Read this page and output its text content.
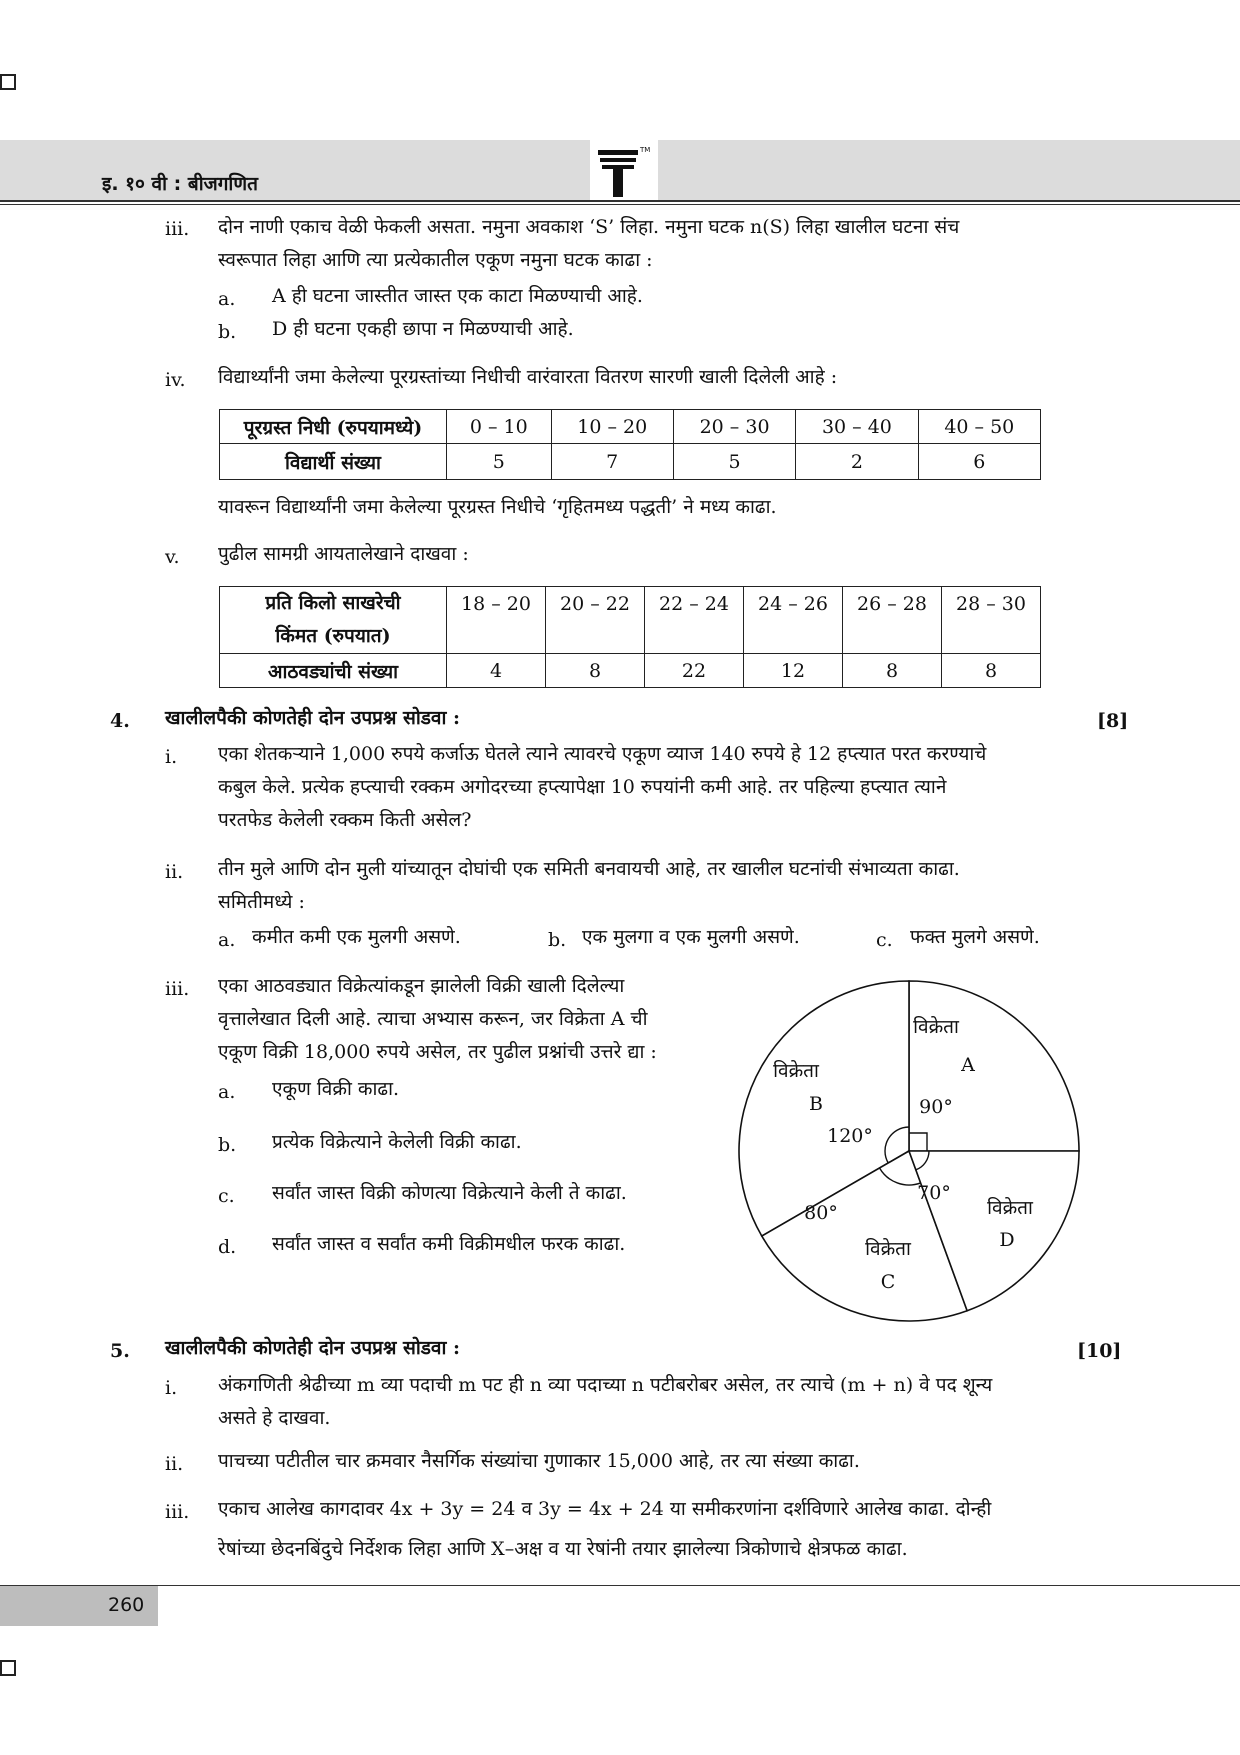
इ. १० वी : बीजगणित
TM
iii. दोन नाणी एकाच वेळी फेकली असता. नमुना अवकाश ‘S’ लिहा. नमुना घटक n(S) लिहा खालील घटना संच
स्वरूपात लिहा आणि त्या प्रत्येकातील एकूण नमुना घटक काढा :
a. A ही घटना जास्तीत जास्त एक काटा मिळण्याची आहे.
b. D ही घटना एकही छापा न मिळण्याची आहे.
iv. विद्यार्थ्यांनी जमा केलेल्या पूरग्रस्तांच्या निधीची वारंवारता वितरण सारणी खाली दिलेली आहे :
पूरग्रस्त निधी (रुपयामध्ये)	0 – 10	10 – 20	20 – 30	30 – 40	40 – 50
विद्यार्थी संख्या	5	7	5	2	6
यावरून विद्यार्थ्यांनी जमा केलेल्या पूरग्रस्त निधीचे ‘गृहितमध्य पद्धती’ ने मध्य काढा.
v. पुढील सामग्री आयतालेखाने दाखवा :
प्रति किलो साखरेची
किंमत (रुपयात)	18 – 20	20 – 22	22 – 24	24 – 26	26 – 28	28 – 30
आठवड्यांची संख्या	4	8	22	12	8	8
4. खालीलपैकी कोणतेही दोन उपप्रश्न सोडवा :	[8]
i. एका शेतकऱ्याने 1,000 रुपये कर्जाऊ घेतले त्याने त्यावरचे एकूण व्याज 140 रुपये हे 12 हप्त्यात परत करण्याचे
कबुल केले. प्रत्येक हप्त्याची रक्कम अगोदरच्या हप्त्यापेक्षा 10 रुपयांनी कमी आहे. तर पहिल्या हप्त्यात त्याने
परतफेड केलेली रक्कम किती असेल?
ii. तीन मुले आणि दोन मुली यांच्यातून दोघांची एक समिती बनवायची आहे, तर खालील घटनांची संभाव्यता काढा.
समितीमध्ये :
a. कमीत कमी एक मुलगी असणे.	b. एक मुलगा व एक मुलगी असणे.	c. फक्त मुलगे असणे.
iii. एका आठवड्यात विक्रेत्यांकडून झालेली विक्री खाली दिलेल्या
वृत्तालेखात दिली आहे. त्याचा अभ्यास करून, जर विक्रेता A ची
एकूण विक्री 18,000 रुपये असेल, तर पुढील प्रश्नांची उत्तरे द्या :
a. एकूण विक्री काढा.
b. प्रत्येक विक्रेत्याने केलेली विक्री काढा.
c. सर्वांत जास्त विक्री कोणत्या विक्रेत्याने केली ते काढा.
d. सर्वांत जास्त व सर्वांत कमी विक्रीमधील फरक काढा.
विक्रेता
A
90°
विक्रेता
B
120°
विक्रेता
C
80°	विक्रेता
D
70°
5. खालीलपैकी कोणतेही दोन उपप्रश्न सोडवा :	[10]
i. अंकगणिती श्रेढीच्या m व्या पदाची m पट ही n व्या पदाच्या n पटीबरोबर असेल, तर त्याचे (m + n) वे पद शून्य
असते हे दाखवा.
ii. पाचच्या पटीतील चार क्रमवार नैसर्गिक संख्यांचा गुणाकार 15,000 आहे, तर त्या संख्या काढा.
iii. एकाच आलेख कागदावर 4x + 3y = 24 व 3y = 4x + 24 या समीकरणांना दर्शविणारे आलेख काढा. दोन्ही
रेषांच्या छेदनबिंदुचे निर्देशक लिहा आणि X–अक्ष व या रेषांनी तयार झालेल्या त्रिकोणाचे क्षेत्रफळ काढा.
260
